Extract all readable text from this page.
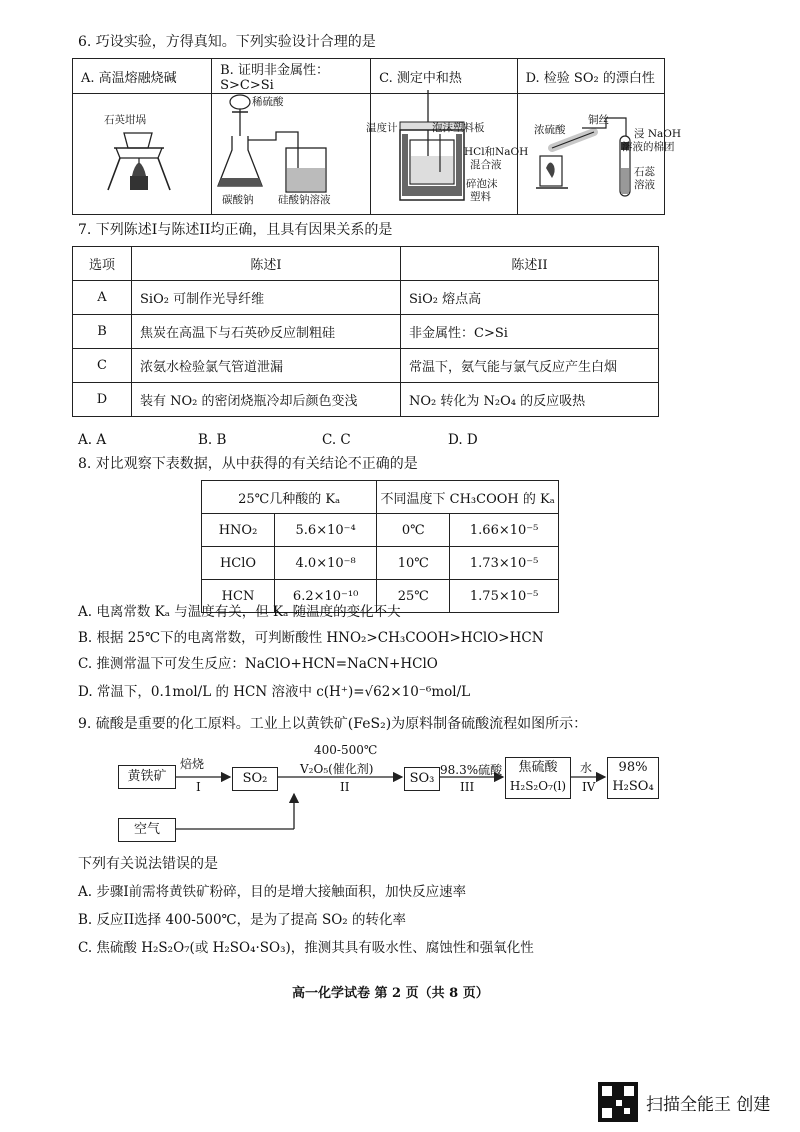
6. 巧设实验，方得真知。下列实验设计合理的是
A. 高温熔融烧碱	B. 证明非金属性：S>C>Si	C. 测定中和热	D. 检验 SO₂ 的漂白性

石英坩埚
稀硫酸
碳酸钠 硅酸钠溶液
温度计	泡沫塑料板
HCl和NaOH
混合液
碎泡沫
塑料
浓硫酸
铜丝
浸 NaOH
溶液的棉团
石蕊
溶液
7. 下列陈述I与陈述II均正确，且具有因果关系的是
选项	陈述I	陈述II
A	SiO₂ 可制作光导纤维	SiO₂ 熔点高
B	焦炭在高温下与石英砂反应制粗硅	非金属性：C>Si
C	浓氨水检验氯气管道泄漏	常温下，氨气能与氯气反应产生白烟
D	装有 NO₂ 的密闭烧瓶冷却后颜色变浅	NO₂ 转化为 N₂O₄ 的反应吸热
A. A	B. B	C. C	D. D
8. 对比观察下表数据，从中获得的有关结论不正确的是
25℃几种酸的 Kₐ		不同温度下 CH₃COOH 的 Kₐ	
HNO₂	5.6×10⁻⁴	0℃	1.66×10⁻⁵
HClO	4.0×10⁻⁸	10℃	1.73×10⁻⁵
HCN	6.2×10⁻¹⁰	25℃	1.75×10⁻⁵
A. 电离常数 Kₐ 与温度有关，但 Kₐ 随温度的变化不大
B. 根据 25℃下的电离常数，可判断酸性 HNO₂>CH₃COOH>HClO>HCN
C. 推测常温下可发生反应：NaClO+HCN=NaCN+HClO
D. 常温下，0.1mol/L 的 HCN 溶液中 c(H⁺)=√62×10⁻⁶mol/L
9. 硫酸是重要的化工原料。工业上以黄铁矿(FeS₂)为原料制备硫酸流程如图所示：
黄铁矿
焙烧
I
SO₂
400-500℃
V₂O₅(催化剂)
II
SO₃
98.3%硫酸
III
焦硫酸
H₂S₂O₇(l)
水
IV
98%
H₂SO₄
空气
下列有关说法错误的是
A. 步骤I前需将黄铁矿粉碎，目的是增大接触面积，加快反应速率
B. 反应II选择 400-500℃，是为了提高 SO₂ 的转化率
C. 焦硫酸 H₂S₂O₇(或 H₂SO₄·SO₃)，推测其具有吸水性、腐蚀性和强氧化性
高一化学试卷 第 2 页（共 8 页）
扫描全能王 创建
